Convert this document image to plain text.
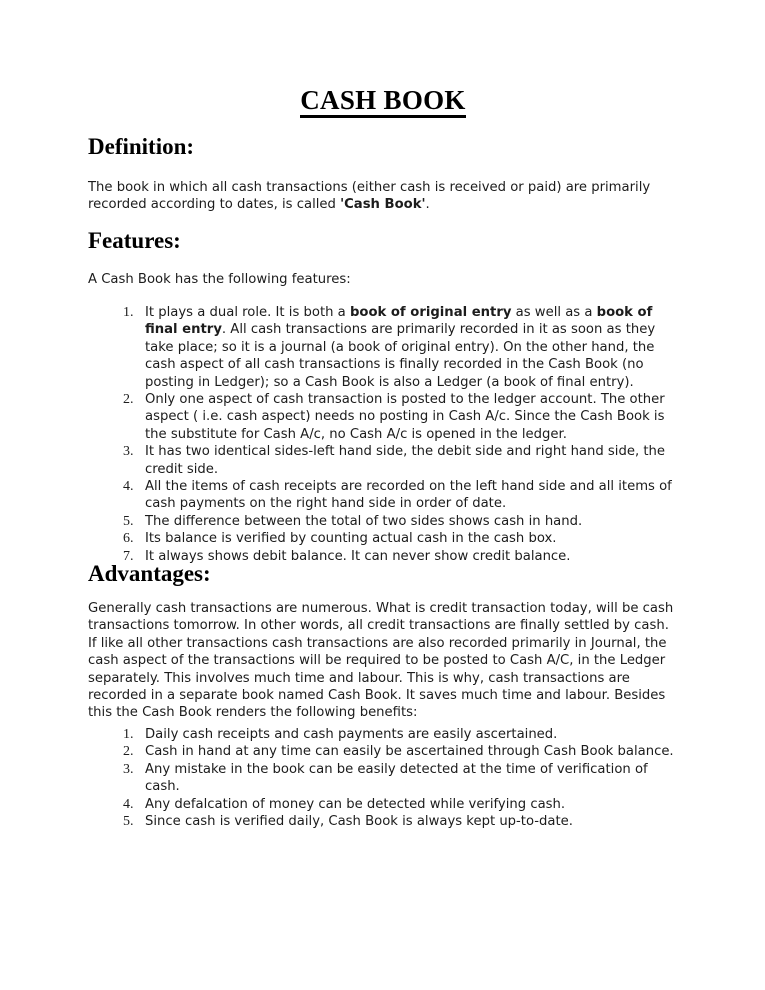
CASH BOOK
Definition:

The book in which all cash transactions (either cash is received or paid) are primarily recorded according to dates, is called 'Cash Book'.

Features:

A Cash Book has the following features:

1. It plays a dual role. It is both a book of original entry as well as a book of final entry. All cash transactions are primarily recorded in it as soon as they take place; so it is a journal (a book of original entry). On the other hand, the cash aspect of all cash transactions is finally recorded in the Cash Book (no posting in Ledger); so a Cash Book is also a Ledger (a book of final entry).
2. Only one aspect of cash transaction is posted to the ledger account. The other aspect ( i.e. cash aspect) needs no posting in Cash A/c. Since the Cash Book is the substitute for Cash A/c, no Cash A/c is opened in the ledger.
3. It has two identical sides-left hand side, the debit side and right hand side, the credit side.
4. All the items of cash receipts are recorded on the left hand side and all items of cash payments on the right hand side in order of date.
5. The difference between the total of two sides shows cash in hand.
6. Its balance is verified by counting actual cash in the cash box.
7. It always shows debit balance. It can never show credit balance.
Advantages:

Generally cash transactions are numerous. What is credit transaction today, will be cash transactions tomorrow. In other words, all credit transactions are finally settled by cash. If like all other transactions cash transactions are also recorded primarily in Journal, the cash aspect of the transactions will be required to be posted to Cash A/C, in the Ledger separately. This involves much time and labour. This is why, cash transactions are recorded in a separate book named Cash Book. It saves much time and labour. Besides this the Cash Book renders the following benefits:

1. Daily cash receipts and cash payments are easily ascertained.
2. Cash in hand at any time can easily be ascertained through Cash Book balance.
3. Any mistake in the book can be easily detected at the time of verification of cash.
4. Any defalcation of money can be detected while verifying cash.
5. Since cash is verified daily, Cash Book is always kept up-to-date.
